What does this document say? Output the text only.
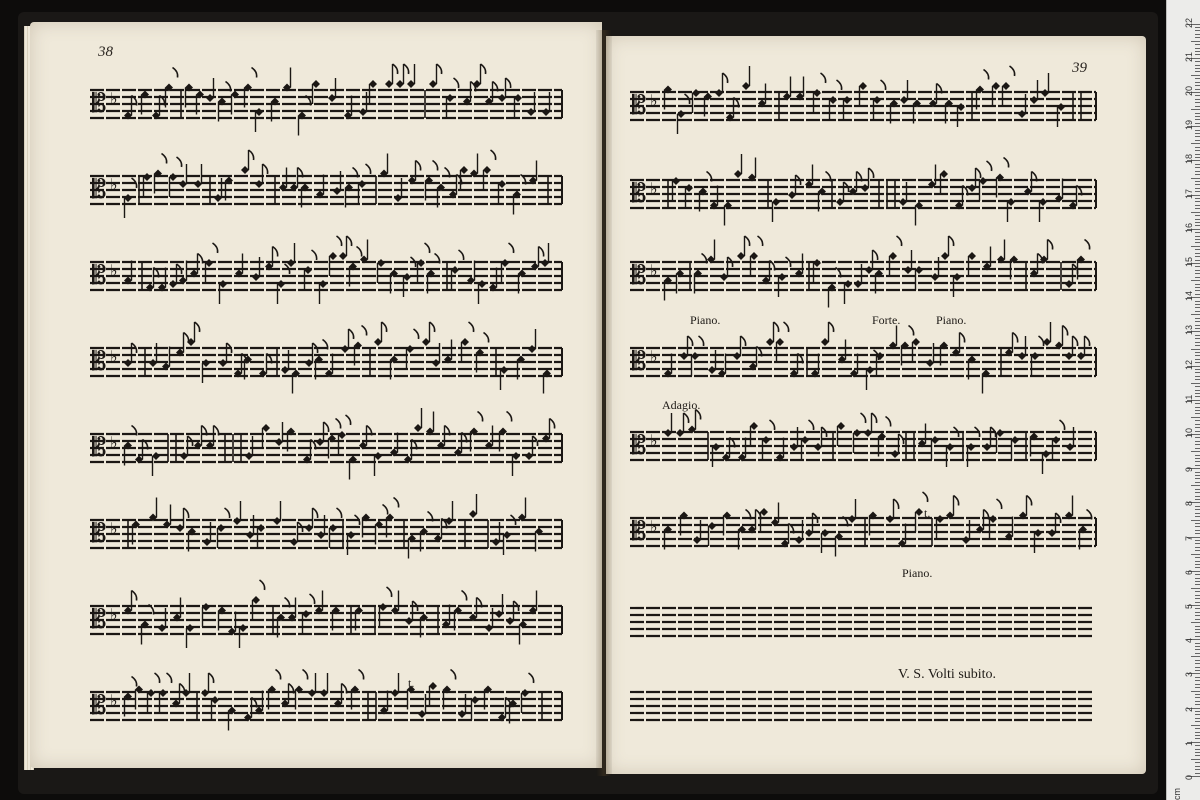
38
39
𝄡 ♭
𝄡 ♭
𝄡 ♭
𝄡 ♭
𝄡 ♭
𝄡 ♭
𝄡 ♭
𝄡 ♭
𝄡 ♭
𝄡 ♭
𝄡 ♭
𝄡 ♭
𝄡 ♭
𝄡 ♭
Piano.	Forte.	Piano.
Adagio.
Piano.
t.
t.
V. S. Volti subito.
0
1
2
3
4
5
6
7
8
9
10
11
12
13
14
15
16
17
18
19
20
21
22
cm
